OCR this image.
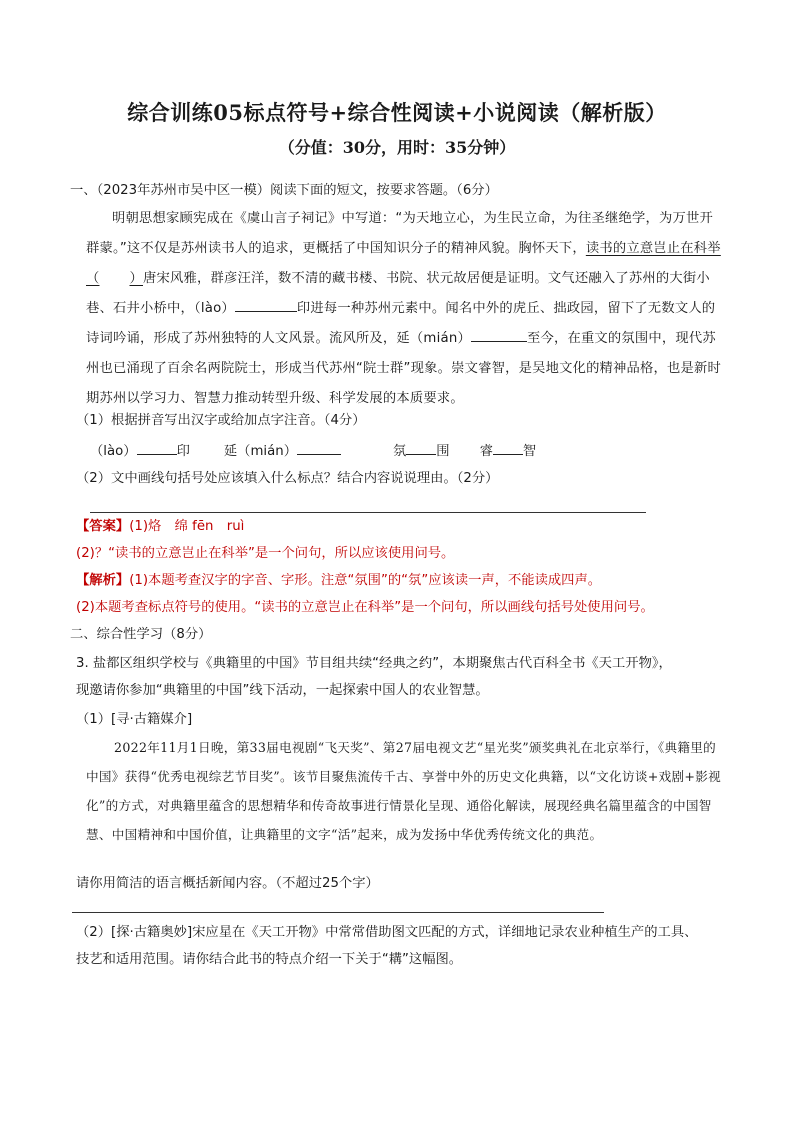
综合训练05标点符号+综合性阅读+小说阅读（解析版）
（分值：30分，用时：35分钟）
一、（2023年苏州市吴中区一模）阅读下面的短文，按要求答题。（6分）
明朝思想家顾宪成在《虞山言子祠记》中写道：“为天地立心，为生民立命，为往圣继绝学，为万世开群蒙。”这不仅是苏州读书人的追求，更概括了中国知识分子的精神风貌。胸怀天下，读书的立意岂止在科举（ ）唐宋风雅，群彦汪洋，数不清的藏书楼、书院、状元故居便是证明。文气还融入了苏州的大街小巷、石井小桥中，（lào）	印进每一种苏州元素中。闻名中外的虎丘、拙政园，留下了无数文人的诗词吟诵，形成了苏州独特的人文风景。流风所及，延（mián）	至今，在重文的氛围中，现代苏州也已涌现了百余名两院院士，形成当代苏州“院士群”现象。崇文睿智，是吴地文化的精神品格，也是新时期苏州以学习力、智慧力推动转型升级、科学发展的本质要求。
（1）根据拼音写出汉字或给加点字注音。（4分）
（lào）	印	延（mián）	氛 围 睿 智
（2）文中画线句括号处应该填入什么标点？结合内容说说理由。（2分）
【答案】(1)烙　绵 fēn　ruì
(2)？“读书的立意岂止在科举”是一个问句，所以应该使用问号。
【解析】(1)本题考查汉字的字音、字形。注意“氛围”的“氛”应该读一声，不能读成四声。
(2)本题考查标点符号的使用。“读书的立意岂止在科举”是一个问句，所以画线句括号处使用问号。
二、综合性学习（8分）
3. 盐都区组织学校与《典籍里的中国》节目组共续“经典之约”，本期聚焦古代百科全书《天工开物》，
现邀请你参加“典籍里的中国”线下活动，一起探索中国人的农业智慧。
（1）[寻·古籍媒介]
2022年11月1日晚，第33届电视剧“飞天奖”、第27届电视文艺“星光奖”颁奖典礼在北京举行，《典籍里的中国》获得“优秀电视综艺节目奖”。该节目聚焦流传千古、享誉中外的历史文化典籍，以“文化访谈+戏剧+影视化”的方式，对典籍里蕴含的思想精华和传奇故事进行情景化呈现、通俗化解读，展现经典名篇里蕴含的中国智慧、中国精神和中国价值，让典籍里的文字“活”起来，成为发扬中华优秀传统文化的典范。
请你用简洁的语言概括新闻内容。（不超过25个字）
（2）[探·古籍奥妙]宋应星在《天工开物》中常常借助图文匹配的方式，详细地记录农业种植生产的工具、
技艺和适用范围。请你结合此书的特点介绍一下关于“耩”这幅图。
